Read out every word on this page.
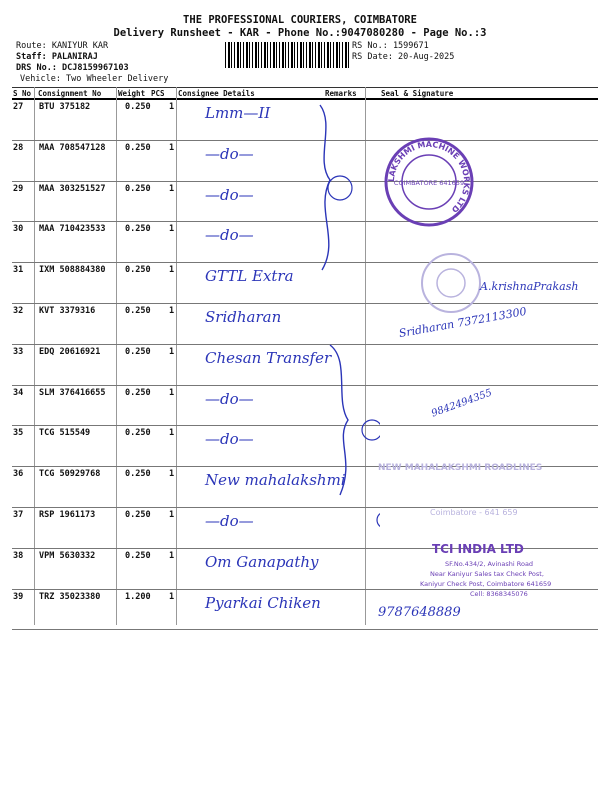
THE PROFESSIONAL COURIERS, COIMBATORE
Delivery Runsheet - KAR - Phone No.:9047080280 - Page No.:3
Route: KANIYUR KAR
Staff: PALANIRAJ
DRS No.: DCJ8159967103
Vehicle: Two Wheeler Delivery
RS No.: 1599671
RS Date: 20-Aug-2025
S No Consignment No Weight PCS Consignee Details	Remarks	Seal & Signature
27 BTU 375182	0.250 1 Lmm—II
28 MAA 708547128 0.250 1 —do—
29 MAA 303251527 0.250 1 —do—
30 MAA 710423533 0.250 1 —do—
31 IXM 508884380 0.250 1 GTTL Extra
32 KVT 3379316	0.250 1 Sridharan
33 EDQ 20616921	0.250 1 Chesan Transfer
34 SLM 376416655 0.250 1 —do—
35 TCG 515549	0.250 1 —do—
36 TCG 50929768	0.250 1 New mahalakshmi
37 RSP 1961173	0.250 1 —do—
38 VPM 5630332	0.250 1 Om Ganapathy
39 TRZ 35023380	1.200 1 Pyarkai Chiken
LAKSHMI MACHINE WORKS LTD
COIMBATORE 641659
NEW MAHALAKSHMI ROADLINES
Coimbatore - 641 659
TCI INDIA LTD
SF.No.434/2, Avinashi Road
Near Kaniyur Sales tax Check Post,
Kaniyur Check Post, Coimbatore 641659
Cell: 8368345076
A.krishnaPrakash
Sridharan 7372113300
9842494355
9787648889
